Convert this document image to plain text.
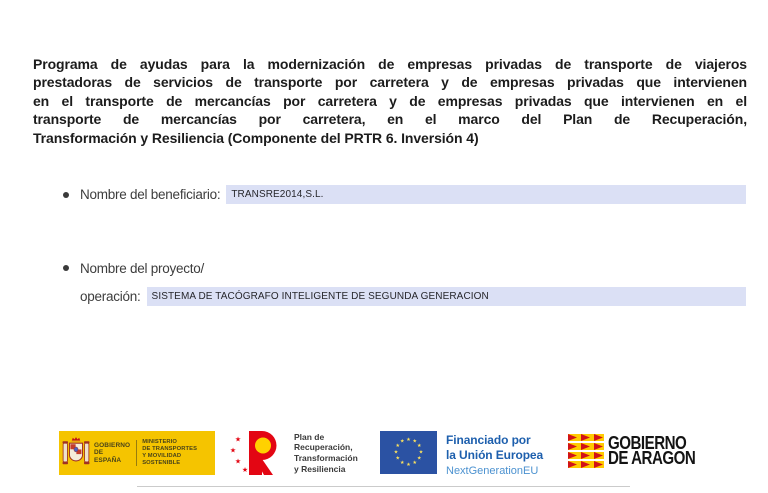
Programa de ayudas para la modernización de empresas privadas de transporte de viajeros
prestadoras de servicios de transporte por carretera y de empresas privadas que intervienen
en el transporte de mercancías por carretera y de empresas privadas que intervienen en el
transporte de mercancías por carretera, en el marco del Plan de Recuperación,
Transformación y Resiliencia (Componente del PRTR 6. Inversión 4)
Nombre del beneficiario:	TRANSRE2014,S.L.
Nombre del proyecto/
operación:	SISTEMA DE TACÓGRAFO INTELIGENTE DE SEGUNDA GENERACION
GOBIERNO
DE ESPAÑA
MINISTERIO
DE TRANSPORTES
Y MOVILIDAD SOSTENIBLE
★
★
★
★
Plan de
Recuperación,
Transformación
y Resiliencia
★ ★
★
★
★
★
★
★
★
★
★
★	Financiado por
la Unión Europea
NextGenerationEU
GOBIERNO
DE ARAGON
